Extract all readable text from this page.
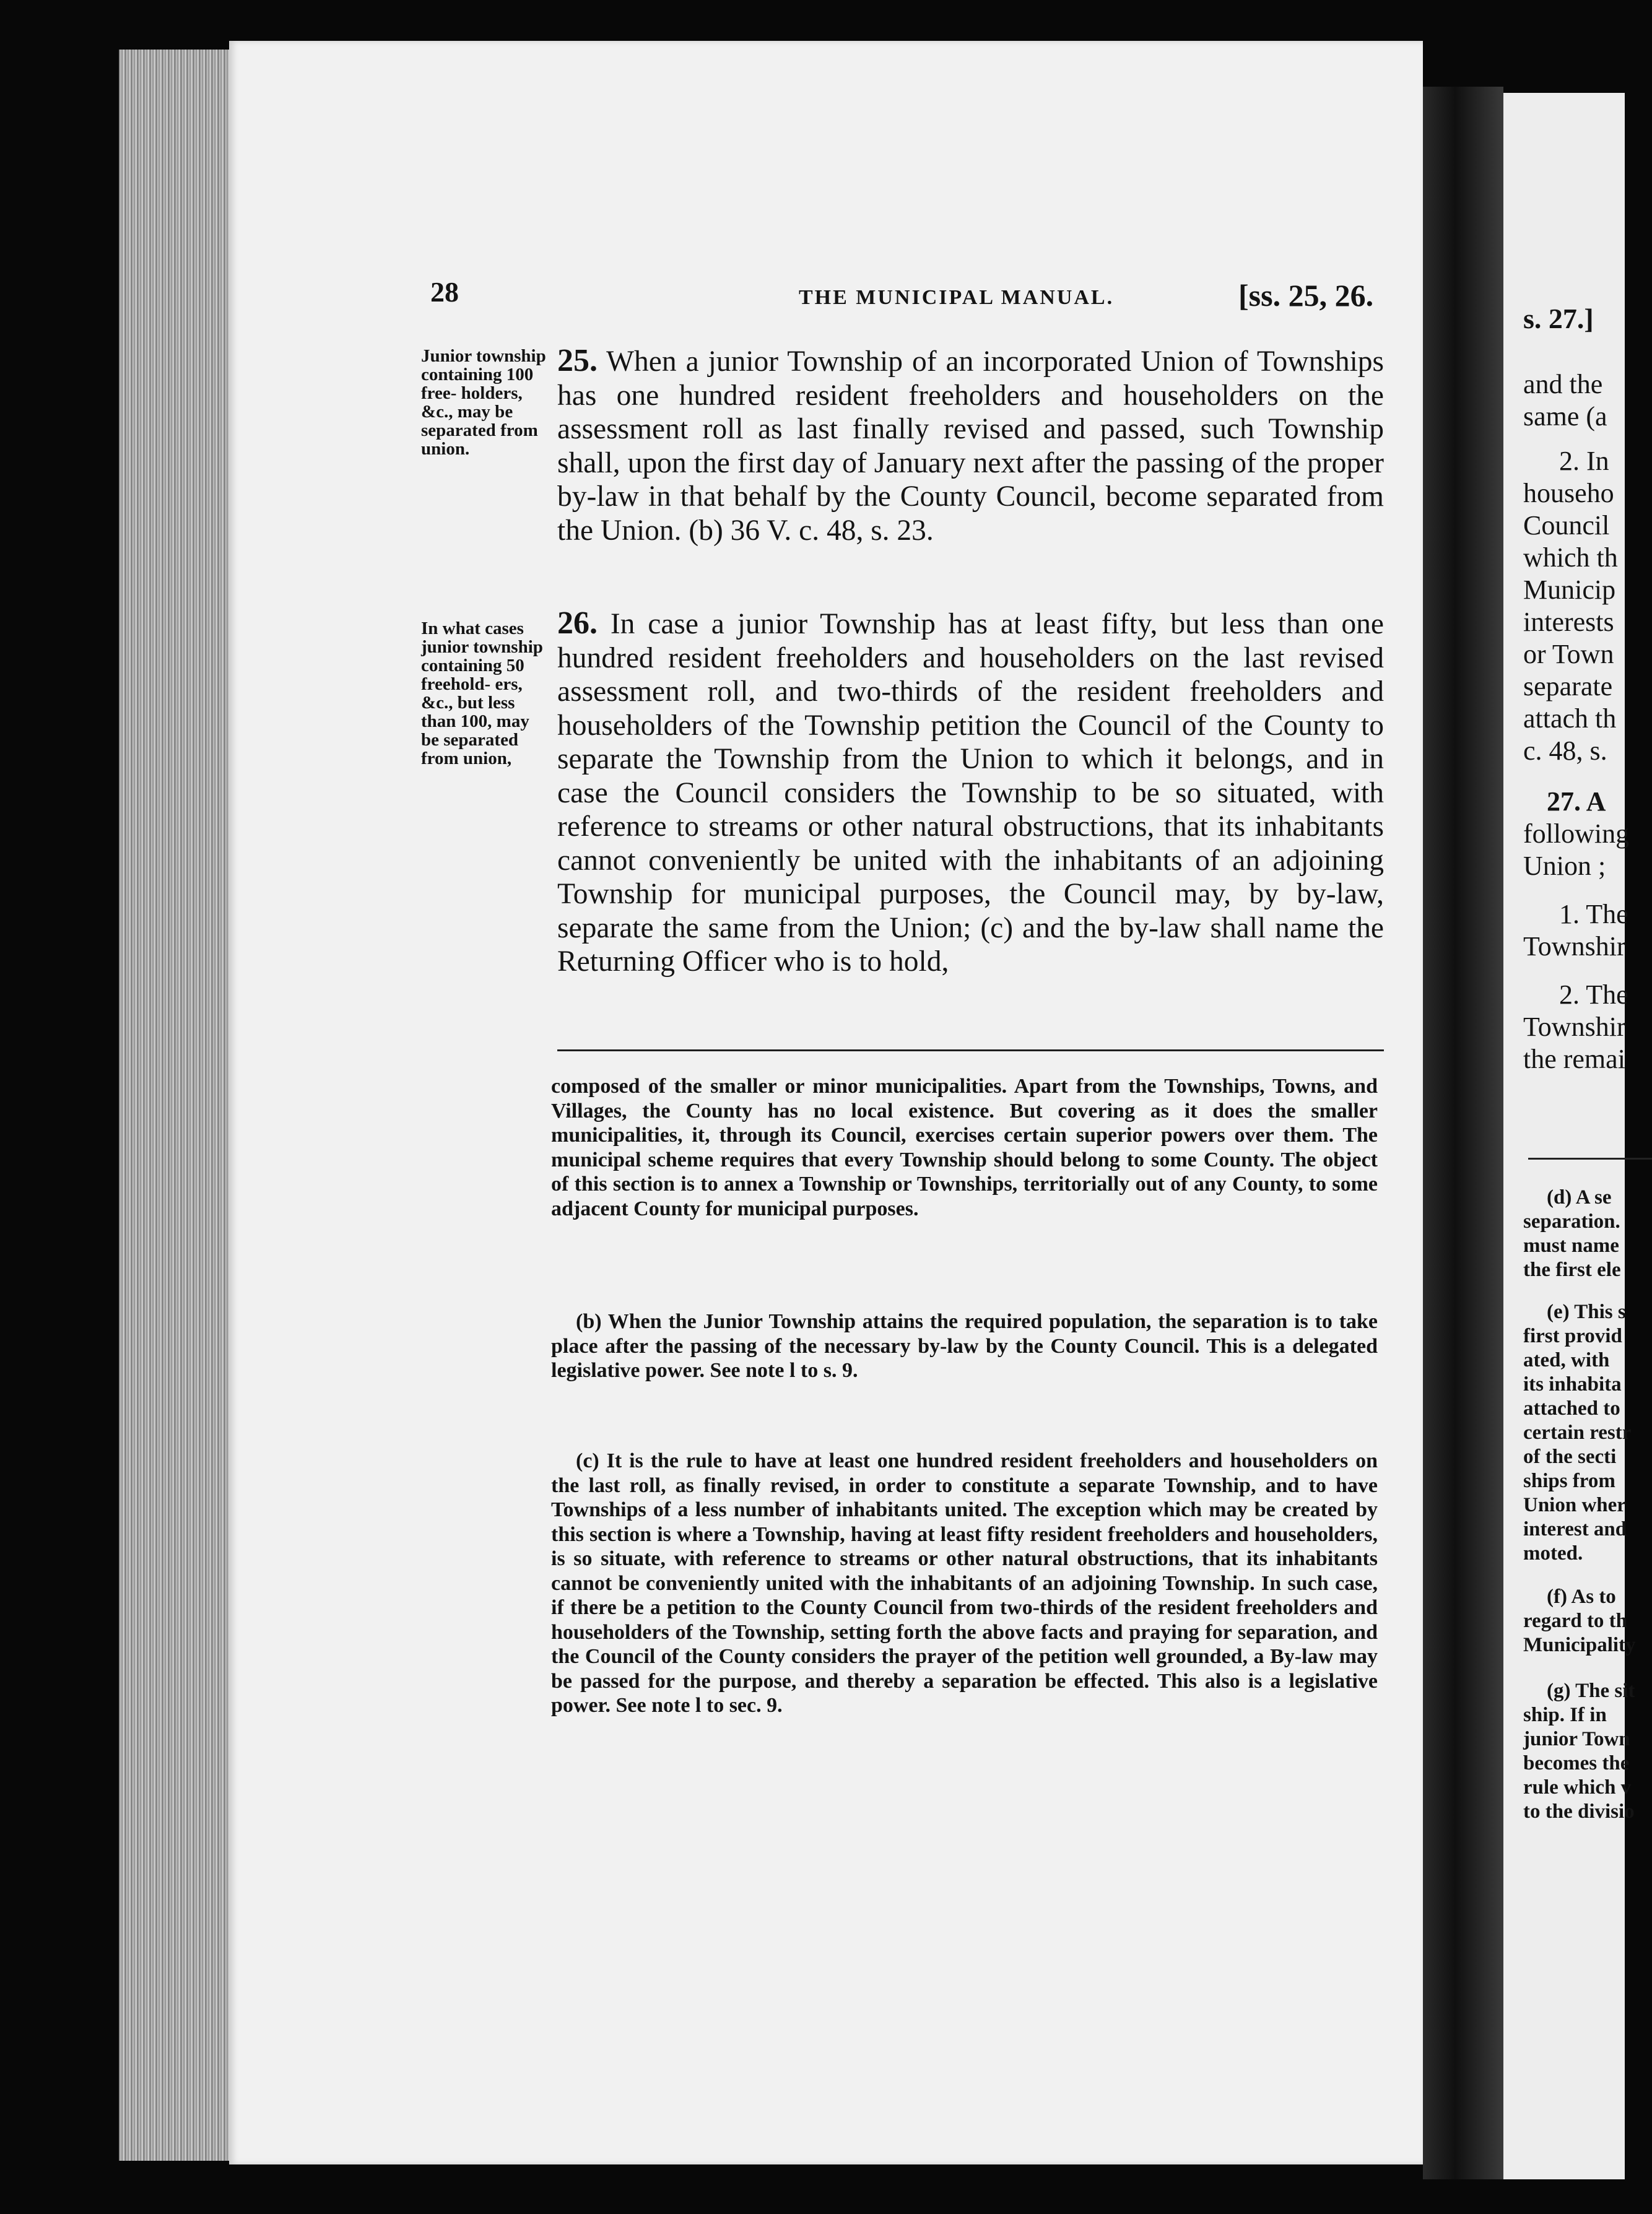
28	THE MUNICIPAL MANUAL.	[ss. 25, 26.
Junior township containing 100 free- holders, &c., may be separated from union.
In what cases junior township containing 50 freehold- ers, &c., but less than 100, may be separated from union,

25. When a junior Township of an incorporated Union of Townships has one hundred resident freeholders and householders on the assessment roll as last finally revised and passed, such Township shall, upon the first day of January next after the passing of the proper by-law in that behalf by the County Council, become separated from the Union. (b) 36 V. c. 48, s. 23.

26. In case a junior Township has at least fifty, but less than one hundred resident freeholders and householders on the last revised assessment roll, and two-thirds of the resident freeholders and householders of the Township petition the Council of the County to separate the Township from the Union to which it belongs, and in case the Council considers the Township to be so situated, with reference to streams or other natural obstructions, that its inhabitants cannot conveniently be united with the inhabitants of an adjoining Township for municipal purposes, the Council may, by by-law, separate the same from the Union; (c) and the by-law shall name the Returning Officer who is to hold,

composed of the smaller or minor municipalities. Apart from the Townships, Towns, and Villages, the County has no local existence. But covering as it does the smaller municipalities, it, through its Council, exercises certain superior powers over them. The municipal scheme requires that every Township should belong to some County. The object of this section is to annex a Township or Townships, territorially out of any County, to some adjacent County for municipal purposes.

(b) When the Junior Township attains the required population, the separation is to take place after the passing of the necessary by-law by the County Council. This is a delegated legislative power. See note l to s. 9.

(c) It is the rule to have at least one hundred resident freeholders and householders on the last roll, as finally revised, in order to constitute a separate Township, and to have Townships of a less number of inhabitants united. The exception which may be created by this section is where a Township, having at least fifty resident freeholders and householders, is so situate, with reference to streams or other natural obstructions, that its inhabitants cannot be conveniently united with the inhabitants of an adjoining Township. In such case, if there be a petition to the County Council from two-thirds of the resident freeholders and householders of the Township, setting forth the above facts and praying for separation, and the Council of the County considers the prayer of the petition well grounded, a By-law may be passed for the purpose, and thereby a separation be effected. This also is a legislative power. See note l to sec. 9.

s. 27.]
and the
same (a
2. In
househo
Council
which th
Municip
interests
or Town
separate
attach th
c. 48, s.
27. A
following
Union ;
1. The
Townshir
2. The
Townshir
the remai
(d) A se
separation.
must name
the first ele
(e) This s
first provid
ated, with
its inhabita
attached to
certain restr
of the secti
ships from
Union wher
interest and
moted.
(f) As to
regard to th
Municipality
(g) The sit
ship. If in
junior Town
becomes the
rule which v
to the divisio
